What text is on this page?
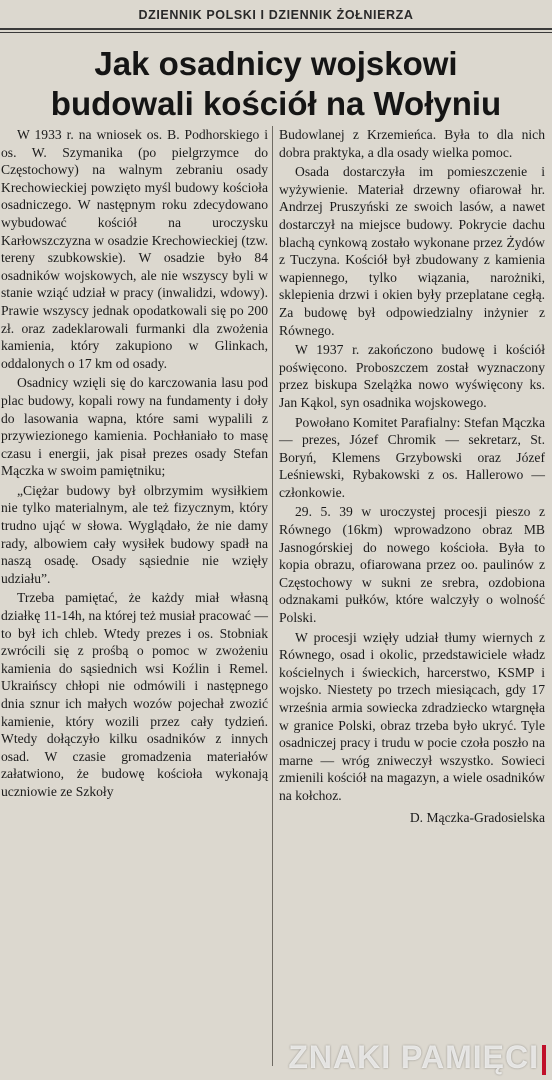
DZIENNIK POLSKI I DZIENNIK ŻOŁNIERZA
Jak osadnicy wojskowi
budowali kościół na Wołyniu

W 1933 r. na wniosek os. B. Podhorskiego i os. W. Szymanika (po pielgrzymce do Częstochowy) na walnym zebraniu osady Krechowieckiej powzięto myśl budowy kościoła osadniczego. W następnym roku zdecydowano wybudować kościół na uroczysku Karłowszczyzna w osadzie Krechowieckiej (tzw. tereny szubkowskie). W osadzie było 84 osadników wojskowych, ale nie wszyscy byli w stanie wziąć udział w pracy (inwalidzi, wdowy). Prawie wszyscy jednak opodatkowali się po 200 zł. oraz zadeklarowali furmanki dla zwożenia kamienia, który zakupiono w Glinkach, oddalonych o 17 km od osady.

Osadnicy wzięli się do karczowania lasu pod plac budowy, kopali rowy na fundamenty i doły do lasowania wapna, które sami wypalili z przywiezionego kamienia. Pochłaniało to masę czasu i energii, jak pisał prezes osady Stefan Mączka w swoim pamiętniku;

„Ciężar budowy był olbrzymim wysiłkiem nie tylko materialnym, ale też fizycznym, który trudno ująć w słowa. Wyglądało, że nie damy rady, albowiem cały wysiłek budowy spadł na naszą osadę. Osady sąsiednie nie wzięły udziału”.

Trzeba pamiętać, że każdy miał własną działkę 11-14h, na której też musiał pracować — to był ich chleb. Wtedy prezes i os. Stobniak zwrócili się z prośbą o pomoc w zwożeniu kamienia do sąsiednich wsi Koźlin i Remel. Ukraińscy chłopi nie odmówili i następnego dnia sznur ich małych wozów pojechał zwozić kamienie, który wozili przez cały tydzień. Wtedy dołączyło kilku osadników z innych osad. W czasie gromadzenia materiałów załatwiono, że budowę kościoła wykonają uczniowie ze Szkoły

Budowlanej z Krzemieńca. Była to dla nich dobra praktyka, a dla osady wielka pomoc.

Osada dostarczyła im pomieszczenie i wyżywienie. Materiał drzewny ofiarował hr. Andrzej Pruszyński ze swoich lasów, a nawet dostarczył na miejsce budowy. Pokrycie dachu blachą cynkową zostało wykonane przez Żydów z Tuczyna. Kościół był zbudowany z kamienia wapiennego, tylko wiązania, narożniki, sklepienia drzwi i okien były przeplatane cegłą. Za budowę był odpowiedzialny inżynier z Równego.

W 1937 r. zakończono budowę i kościół poświęcono. Proboszczem został wyznaczony przez biskupa Szelążka nowo wyświęcony ks. Jan Kąkol, syn osadnika wojskowego.

Powołano Komitet Parafialny: Stefan Mączka — prezes, Józef Chromik — sekretarz, St. Boryń, Klemens Grzybowski oraz Józef Leśniewski, Rybakowski z os. Hallerowo — członkowie.

29. 5. 39 w uroczystej procesji pieszo z Równego (16km) wprowadzono obraz MB Jasnogórskiej do nowego kościoła. Była to kopia obrazu, ofiarowana przez oo. paulinów z Częstochowy w sukni ze srebra, ozdobiona odznakami pułków, które walczyły o wolność Polski.

W procesji wzięły udział tłumy wiernych z Równego, osad i okolic, przedstawiciele władz kościelnych i świeckich, harcerstwo, KSMP i wojsko. Niestety po trzech miesiącach, gdy 17 września armia sowiecka zdradziecko wtargnęła w granice Polski, obraz trzeba było ukryć. Tyle osadniczej pracy i trudu w pocie czoła poszło na marne — wróg zniweczył wszystko. Sowieci zmienili kościół na magazyn, a wiele osadników na kołchoz.

D. Mączka-Gradosielska

ZNAKI PAMIĘCI
